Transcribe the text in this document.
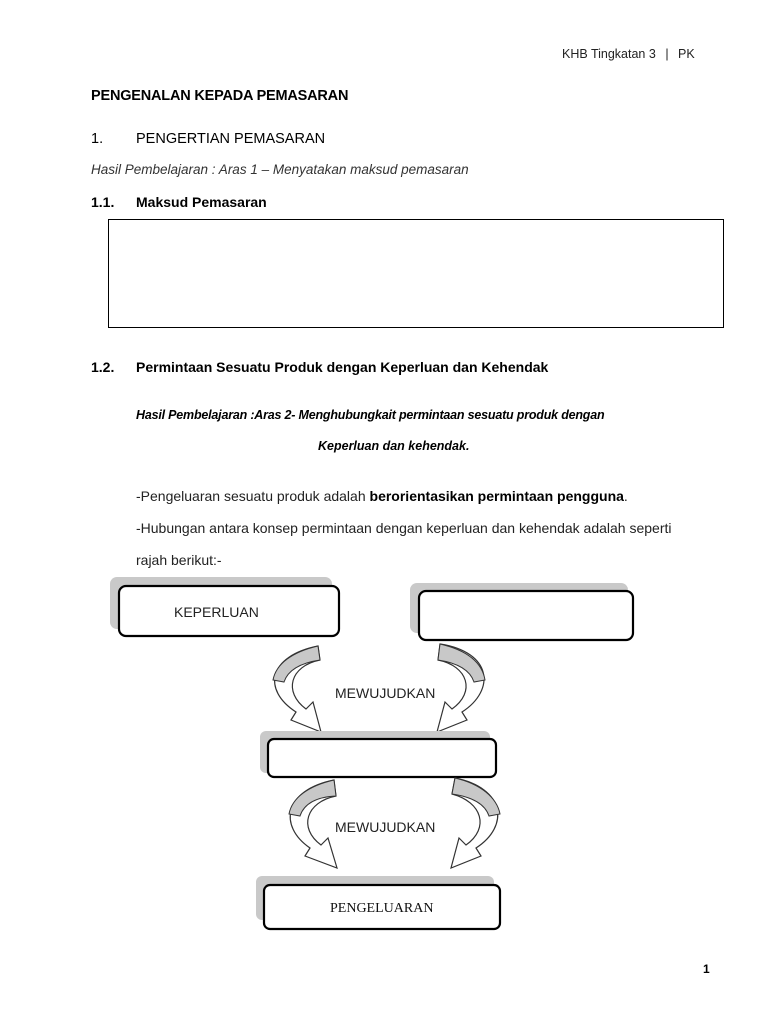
KHB Tingkatan 3 | PK
PENGENALAN KEPADA PEMASARAN
1. PENGERTIAN PEMASARAN
Hasil Pembelajaran : Aras 1 – Menyatakan maksud pemasaran
1.1. Maksud Pemasaran
1.2. Permintaan Sesuatu Produk dengan Keperluan dan Kehendak
Hasil Pembelajaran :Aras 2- Menghubungkait permintaan sesuatu produk dengan
Keperluan dan kehendak.
-Pengeluaran sesuatu produk adalah berorientasikan permintaan pengguna.
-Hubungan antara konsep permintaan dengan keperluan dan kehendak adalah seperti
rajah berikut:-
KEPERLUAN
MEWUJUDKAN
MEWUJUDKAN
PENGELUARAN
1
